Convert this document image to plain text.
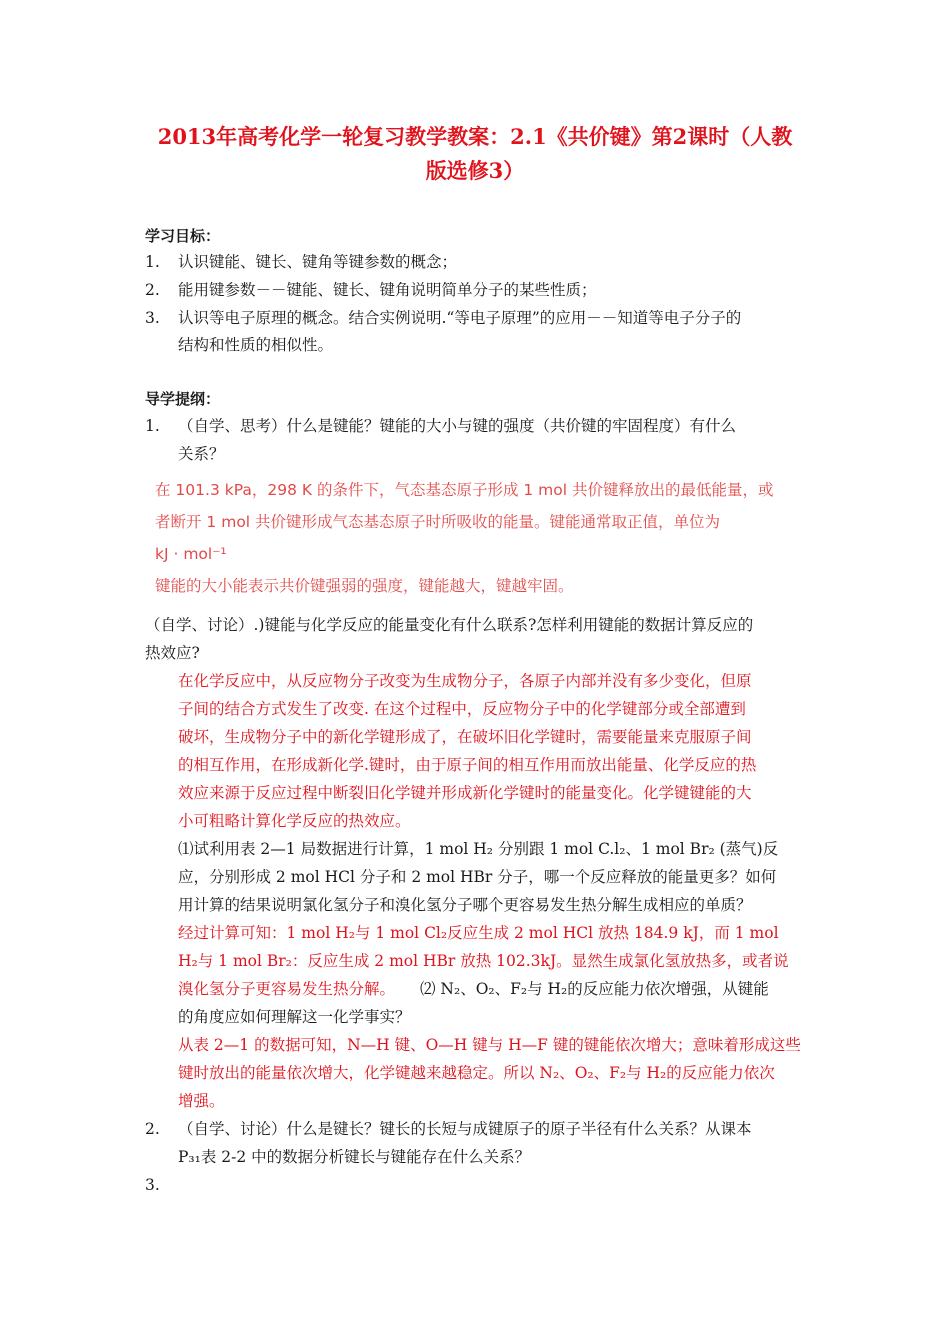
2013年高考化学一轮复习教学教案：2.1《共价键》第2课时（人教
版选修3）
学习目标：
1. 认识键能、键长、键角等键参数的概念；
2. 能用键参数－－键能、键长、键角说明简单分子的某些性质；
3. 认识等电子原理的概念。结合实例说明.“等电子原理”的应用－－知道等电子分子的
结构和性质的相似性。
导学提纲：
1. （自学、思考）什么是键能？键能的大小与键的强度（共价键的牢固程度）有什么
关系？
在 101.3 kPa，298 K 的条件下，气态基态原子形成 1 mol 共价键释放出的最低能量，或
者断开 1 mol 共价键形成气态基态原子时所吸收的能量。键能通常取正值，单位为
kJ · mol⁻¹
键能的大小能表示共价键强弱的强度，键能越大，键越牢固。
（自学、讨论）.)键能与化学反应的能量变化有什么联系?怎样利用键能的数据计算反应的
热效应?
在化学反应中，从反应物分子改变为生成物分子，各原子内部并没有多少变化，但原
子间的结合方式发生了改变. 在这个过程中，反应物分子中的化学键部分或全部遭到
破坏，生成物分子中的新化学键形成了，在破坏旧化学键时，需要能量来克服原子间
的相互作用，在形成新化学.键时，由于原子间的相互作用而放出能量、化学反应的热
效应来源于反应过程中断裂旧化学键并形成新化学键时的能量变化。化学键键能的大
小可粗略计算化学反应的热效应。
⑴试利用表 2—1 局数据进行计算，1 mol H₂ 分别跟 1 mol C.l₂、1 mol Br₂ (蒸气)反
应，分别形成 2 mol HCl 分子和 2 mol HBr 分子，哪一个反应释放的能量更多？如何
用计算的结果说明氯化氢分子和溴化氢分子哪个更容易发生热分解生成相应的单质？
经过计算可知：1 mol H₂与 1 mol Cl₂反应生成 2 mol HCl 放热 184.9 kJ，而 1 mol
H₂与 1 mol Br₂：反应生成 2 mol HBr 放热 102.3kJ。显然生成氯化氢放热多，或者说
溴化氢分子更容易发生热分解。 ⑵ N₂、O₂、F₂与 H₂的反应能力依次增强，从键能
的角度应如何理解这一化学事实？
从表 2—1 的数据可知，N—H 键、O—H 键与 H—F 键的键能依次增大；意味着形成这些
键时放出的能量依次增大，化学键越来越稳定。所以 N₂、O₂、F₂与 H₂的反应能力依次
增强。
2. （自学、讨论）什么是键长？键长的长短与成键原子的原子半径有什么关系？从课本
P₃₁表 2-2 中的数据分析键长与键能存在什么关系？
3.
